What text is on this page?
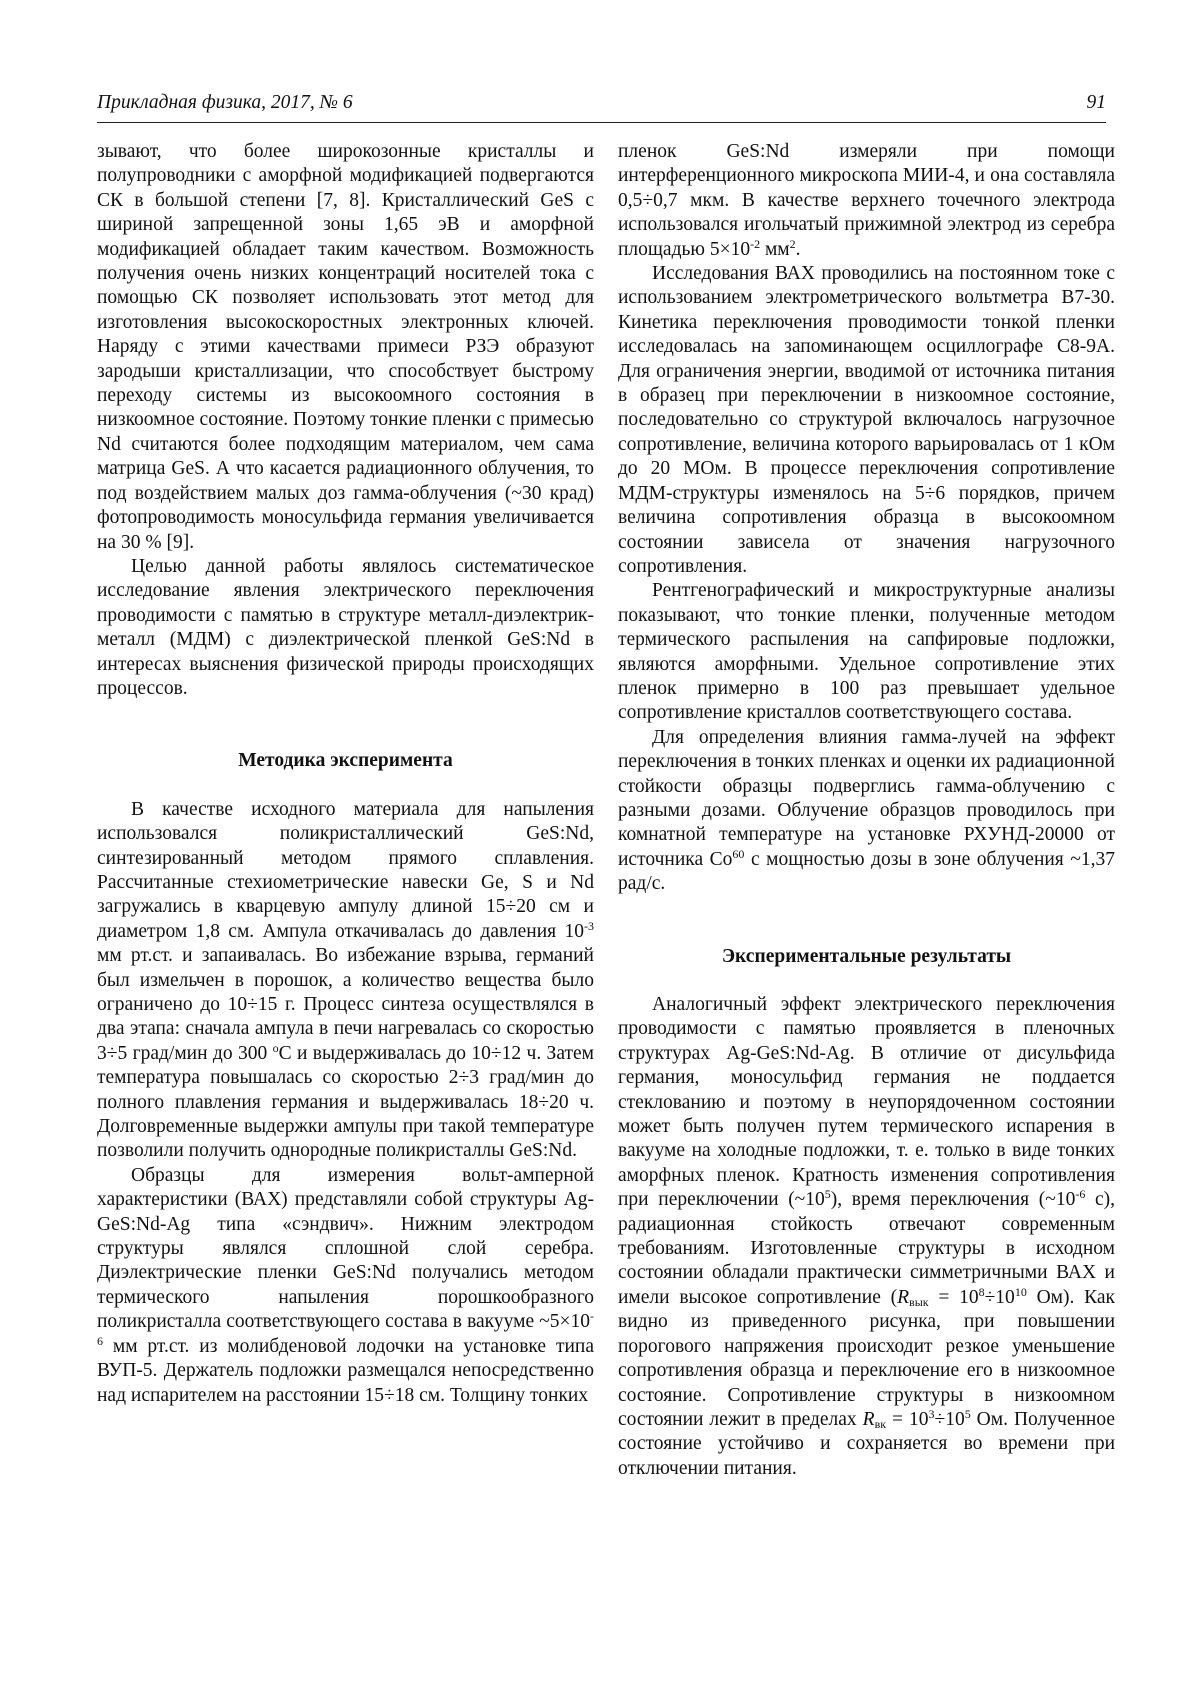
Прикладная физика, 2017, № 6	91

зывают, что более широкозонные кристаллы и полупроводники с аморфной модификацией подвергаются СК в большой степени [7, 8]. Кристаллический GeS с шириной запрещенной зоны 1,65 эВ и аморфной модификацией обладает таким качеством. Возможность получения очень низких концентраций носителей тока с помощью СК позволяет использовать этот метод для изготовления высокоскоростных электронных ключей. Наряду с этими качествами примеси РЗЭ образуют зародыши кристаллизации, что способствует быстрому переходу системы из высокоомного состояния в низкоомное состояние. Поэтому тонкие пленки с примесью Nd считаются более подходящим материалом, чем сама матрица GeS. А что касается радиационного облучения, то под воздействием малых доз гамма-облучения (~30 крад) фотопроводимость моносульфида германия увеличивается на 30 % [9].

Целью данной работы являлось систематическое исследование явления электрического переключения проводимости с памятью в структуре металл-диэлектрик-металл (МДМ) с диэлектрической пленкой GeS:Nd в интересах выяснения физической природы происходящих процессов.

Методика эксперимента

В качестве исходного материала для напыления использовался поликристаллический GeS:Nd, синтезированный методом прямого сплавления. Рассчитанные стехиометрические навески Ge, S и Nd загружались в кварцевую ампулу длиной 15÷20 см и диаметром 1,8 см. Ампула откачивалась до давления $10^{-3}$ мм рт.ст. и запаивалась. Во избежание взрыва, германий был измельчен в порошок, а количество вещества было ограничено до 10÷15 г. Процесс синтеза осуществлялся в два этапа: сначала ампула в печи нагревалась со скоростью 3÷5 град/мин до 300 $^о$С и выдерживалась до 10÷12 ч. Затем температура повышалась со скоростью 2÷3 град/мин до полного плавления германия и выдерживалась 18÷20 ч. Долговременные выдержки ампулы при такой температуре позволили получить однородные поликристаллы GeS:Nd.

Образцы для измерения вольт-амперной характеристики (ВАХ) представляли собой структуры Ag-GeS:Nd-Ag типа «сэндвич». Нижним электродом структуры являлся сплошной слой серебра. Диэлектрические пленки GeS:Nd получались методом термического напыления порошкообразного поликристалла соответствующего состава в вакууме $\sim 5\times 10^{-6}$ мм рт.ст. из молибденовой лодочки на установке типа ВУП-5. Держатель подложки размещался непосредственно над испарителем на расстоянии 15÷18 см. Толщину тонких

пленок GeS:Nd измеряли при помощи интерференционного микроскопа МИИ-4, и она составляла 0,5÷0,7 мкм. В качестве верхнего точечного электрода использовался игольчатый прижимной электрод из серебра площадью $5\times 10^{-2}$ $мм^2$.

Исследования ВАХ проводились на постоянном токе с использованием электрометрического вольтметра В7-30. Кинетика переключения проводимости тонкой пленки исследовалась на запоминающем осциллографе С8-9А. Для ограничения энергии, вводимой от источника питания в образец при переключении в низкоомное состояние, последовательно со структурой включалось нагрузочное сопротивление, величина которого варьировалась от 1 кОм до 20 МОм. В процессе переключения сопротивление МДМ-структуры изменялось на 5÷6 порядков, причем величина сопротивления образца в высокоомном состоянии зависела от значения нагрузочного сопротивления.

Рентгенографический и микроструктурные анализы показывают, что тонкие пленки, полученные методом термического распыления на сапфировые подложки, являются аморфными. Удельное сопротивление этих пленок примерно в 100 раз превышает удельное сопротивление кристаллов соответствующего состава.

Для определения влияния гамма-лучей на эффект переключения в тонких пленках и оценки их радиационной стойкости образцы подверглись гамма-облучению с разными дозами. Облучение образцов проводилось при комнатной температуре на установке РХУНД-20000 от источника Co$^{60}$ с мощностью дозы в зоне облучения ~1,37 рад/с.

Экспериментальные результаты

Аналогичный эффект электрического переключения проводимости с памятью проявляется в пленочных структурах Ag-GeS:Nd-Ag. В отличие от дисульфида германия, моносульфид германия не поддается стеклованию и поэтому в неупорядоченном состоянии может быть получен путем термического испарения в вакууме на холодные подложки, т. е. только в виде тонких аморфных пленок. Кратность изменения сопротивления при переключении $(\sim 10^5)$, время переключения ($\sim 10^{-6}$ с), радиационная стойкость отвечают современным требованиям. Изготовленные структуры в исходном состоянии обладали практически симметричными ВАХ и имели высокое сопротивление ($R_{вык} = 10^8\div 10^{10}$ Ом). Как видно из приведенного рисунка, при повышении порогового напряжения происходит резкое уменьшение сопротивления образца и переключение его в низкоомное состояние. Сопротивление структуры в низкоомном состоянии лежит в пределах $R_{вк} = 10^3\div 10^5$ Ом. Полученное состояние устойчиво и сохраняется во времени при отключении питания.
